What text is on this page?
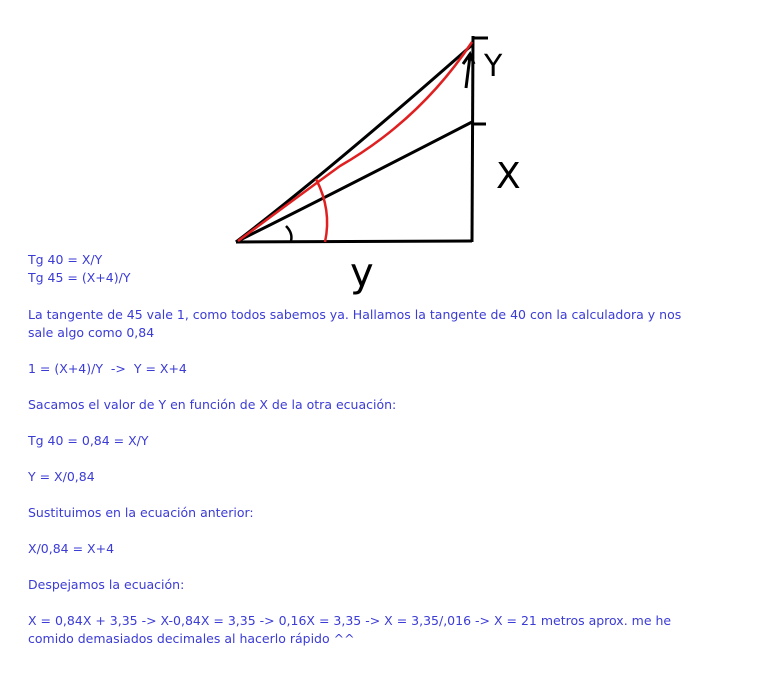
Y
X
y
Tg 40 = X/Y
Tg 45 = (X+4)/Y
La tangente de 45 vale 1, como todos sabemos ya. Hallamos la tangente de 40 con la calculadora y nos sale algo como 0,84
1 = (X+4)/Y  ->  Y = X+4
Sacamos el valor de Y en función de X de la otra ecuación:
Tg 40 = 0,84 = X/Y
Y = X/0,84
Sustituimos en la ecuación anterior:
X/0,84 = X+4
Despejamos la ecuación:
X = 0,84X + 3,35 -> X-0,84X = 3,35 -> 0,16X = 3,35 -> X = 3,35/,016 -> X = 21 metros aprox. me he comido demasiados decimales al hacerlo rápido ^^
